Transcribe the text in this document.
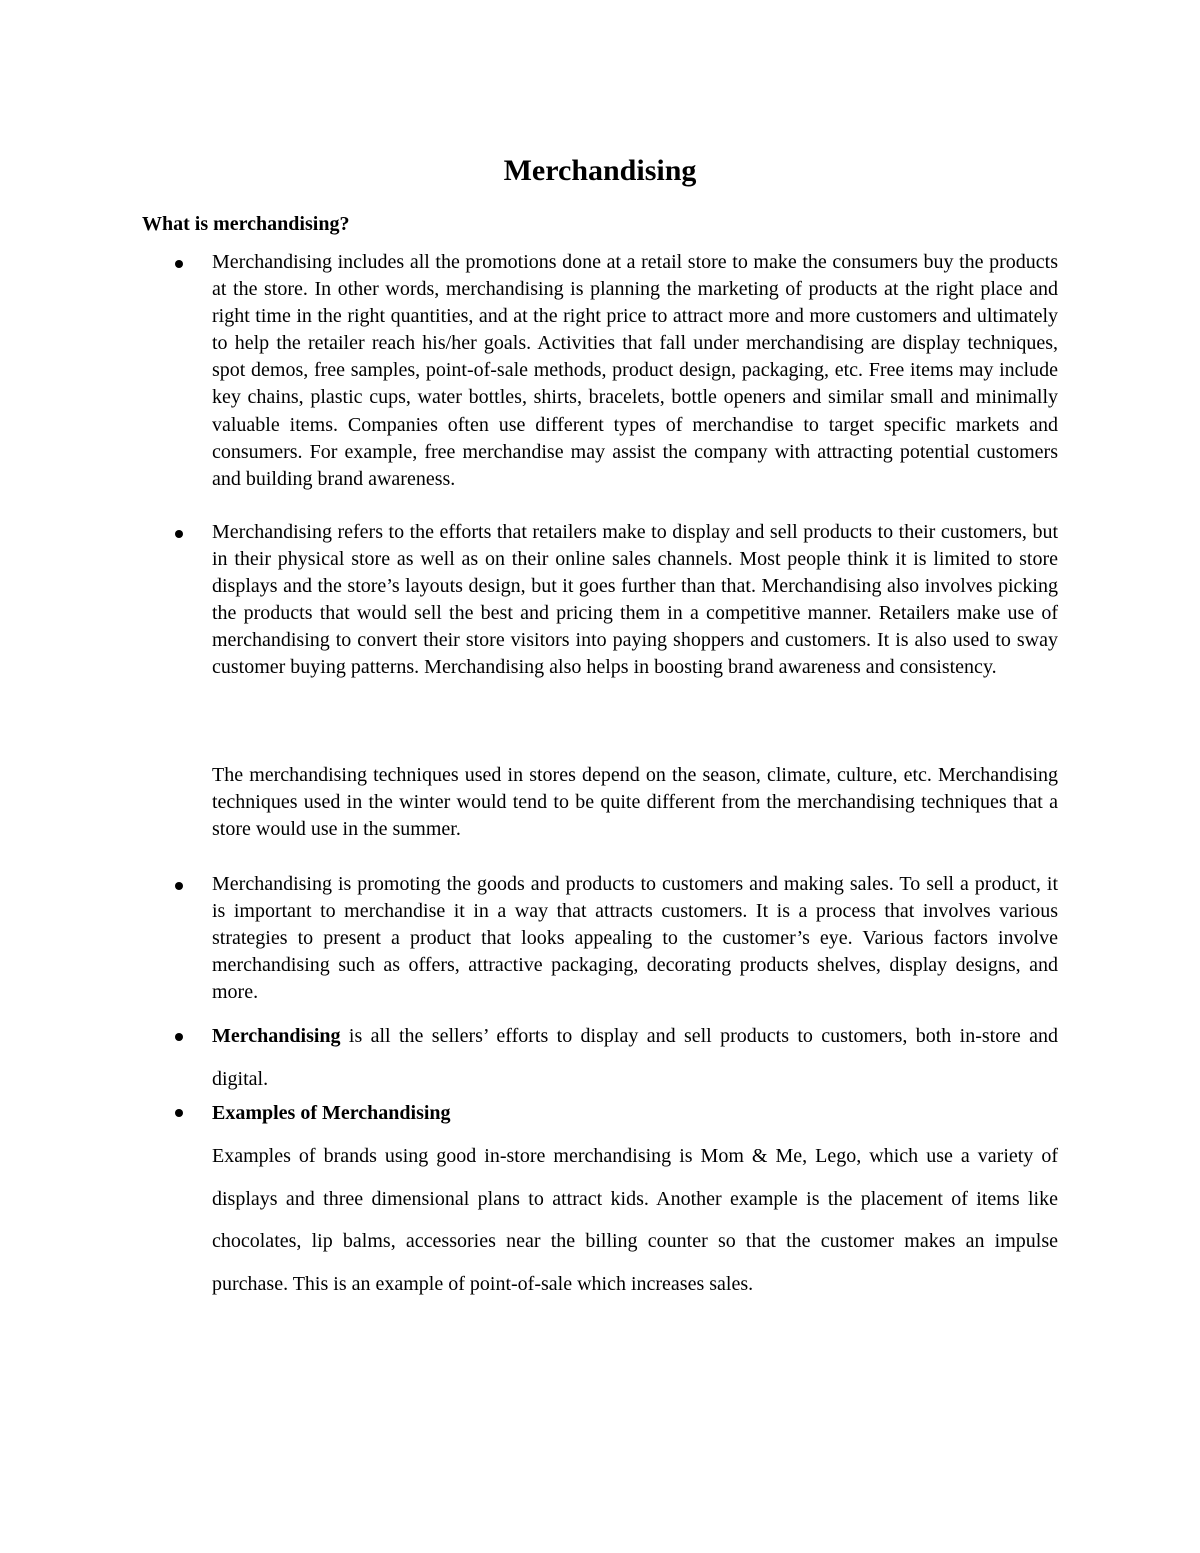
Merchandising
What is merchandising?

Merchandising includes all the promotions done at a retail store to make the consumers buy the products at the store. In other words, merchandising is planning the marketing of products at the right place and right time in the right quantities, and at the right price to attract more and more customers and ultimately to help the retailer reach his/her goals. Activities that fall under merchandising are display techniques, spot demos, free samples, point-of-sale methods, product design, packaging, etc. Free items may include key chains, plastic cups, water bottles, shirts, bracelets, bottle openers and similar small and minimally valuable items. Companies often use different types of merchandise to target specific markets and consumers. For example, free merchandise may assist the company with attracting potential customers and building brand awareness.

Merchandising refers to the efforts that retailers make to display and sell products to their customers, but in their physical store as well as on their online sales channels. Most people think it is limited to store displays and the store’s layouts design, but it goes further than that. Merchandising also involves picking the products that would sell the best and pricing them in a competitive manner. Retailers make use of merchandising to convert their store visitors into paying shoppers and customers. It is also used to sway customer buying patterns. Merchandising also helps in boosting brand awareness and consistency.

The merchandising techniques used in stores depend on the season, climate, culture, etc. Merchandising techniques used in the winter would tend to be quite different from the merchandising techniques that a store would use in the summer.

Merchandising is promoting the goods and products to customers and making sales. To sell a product, it is important to merchandise it in a way that attracts customers. It is a process that involves various strategies to present a product that looks appealing to the customer’s eye. Various factors involve merchandising such as offers, attractive packaging, decorating products shelves, display designs, and more.

Merchandising is all the sellers’ efforts to display and sell products to customers, both in-store and digital.

Examples of Merchandising

Examples of brands using good in-store merchandising is Mom & Me, Lego, which use a variety of displays and three dimensional plans to attract kids. Another example is the placement of items like chocolates, lip balms, accessories near the billing counter so that the customer makes an impulse purchase. This is an example of point-of-sale which increases sales.
